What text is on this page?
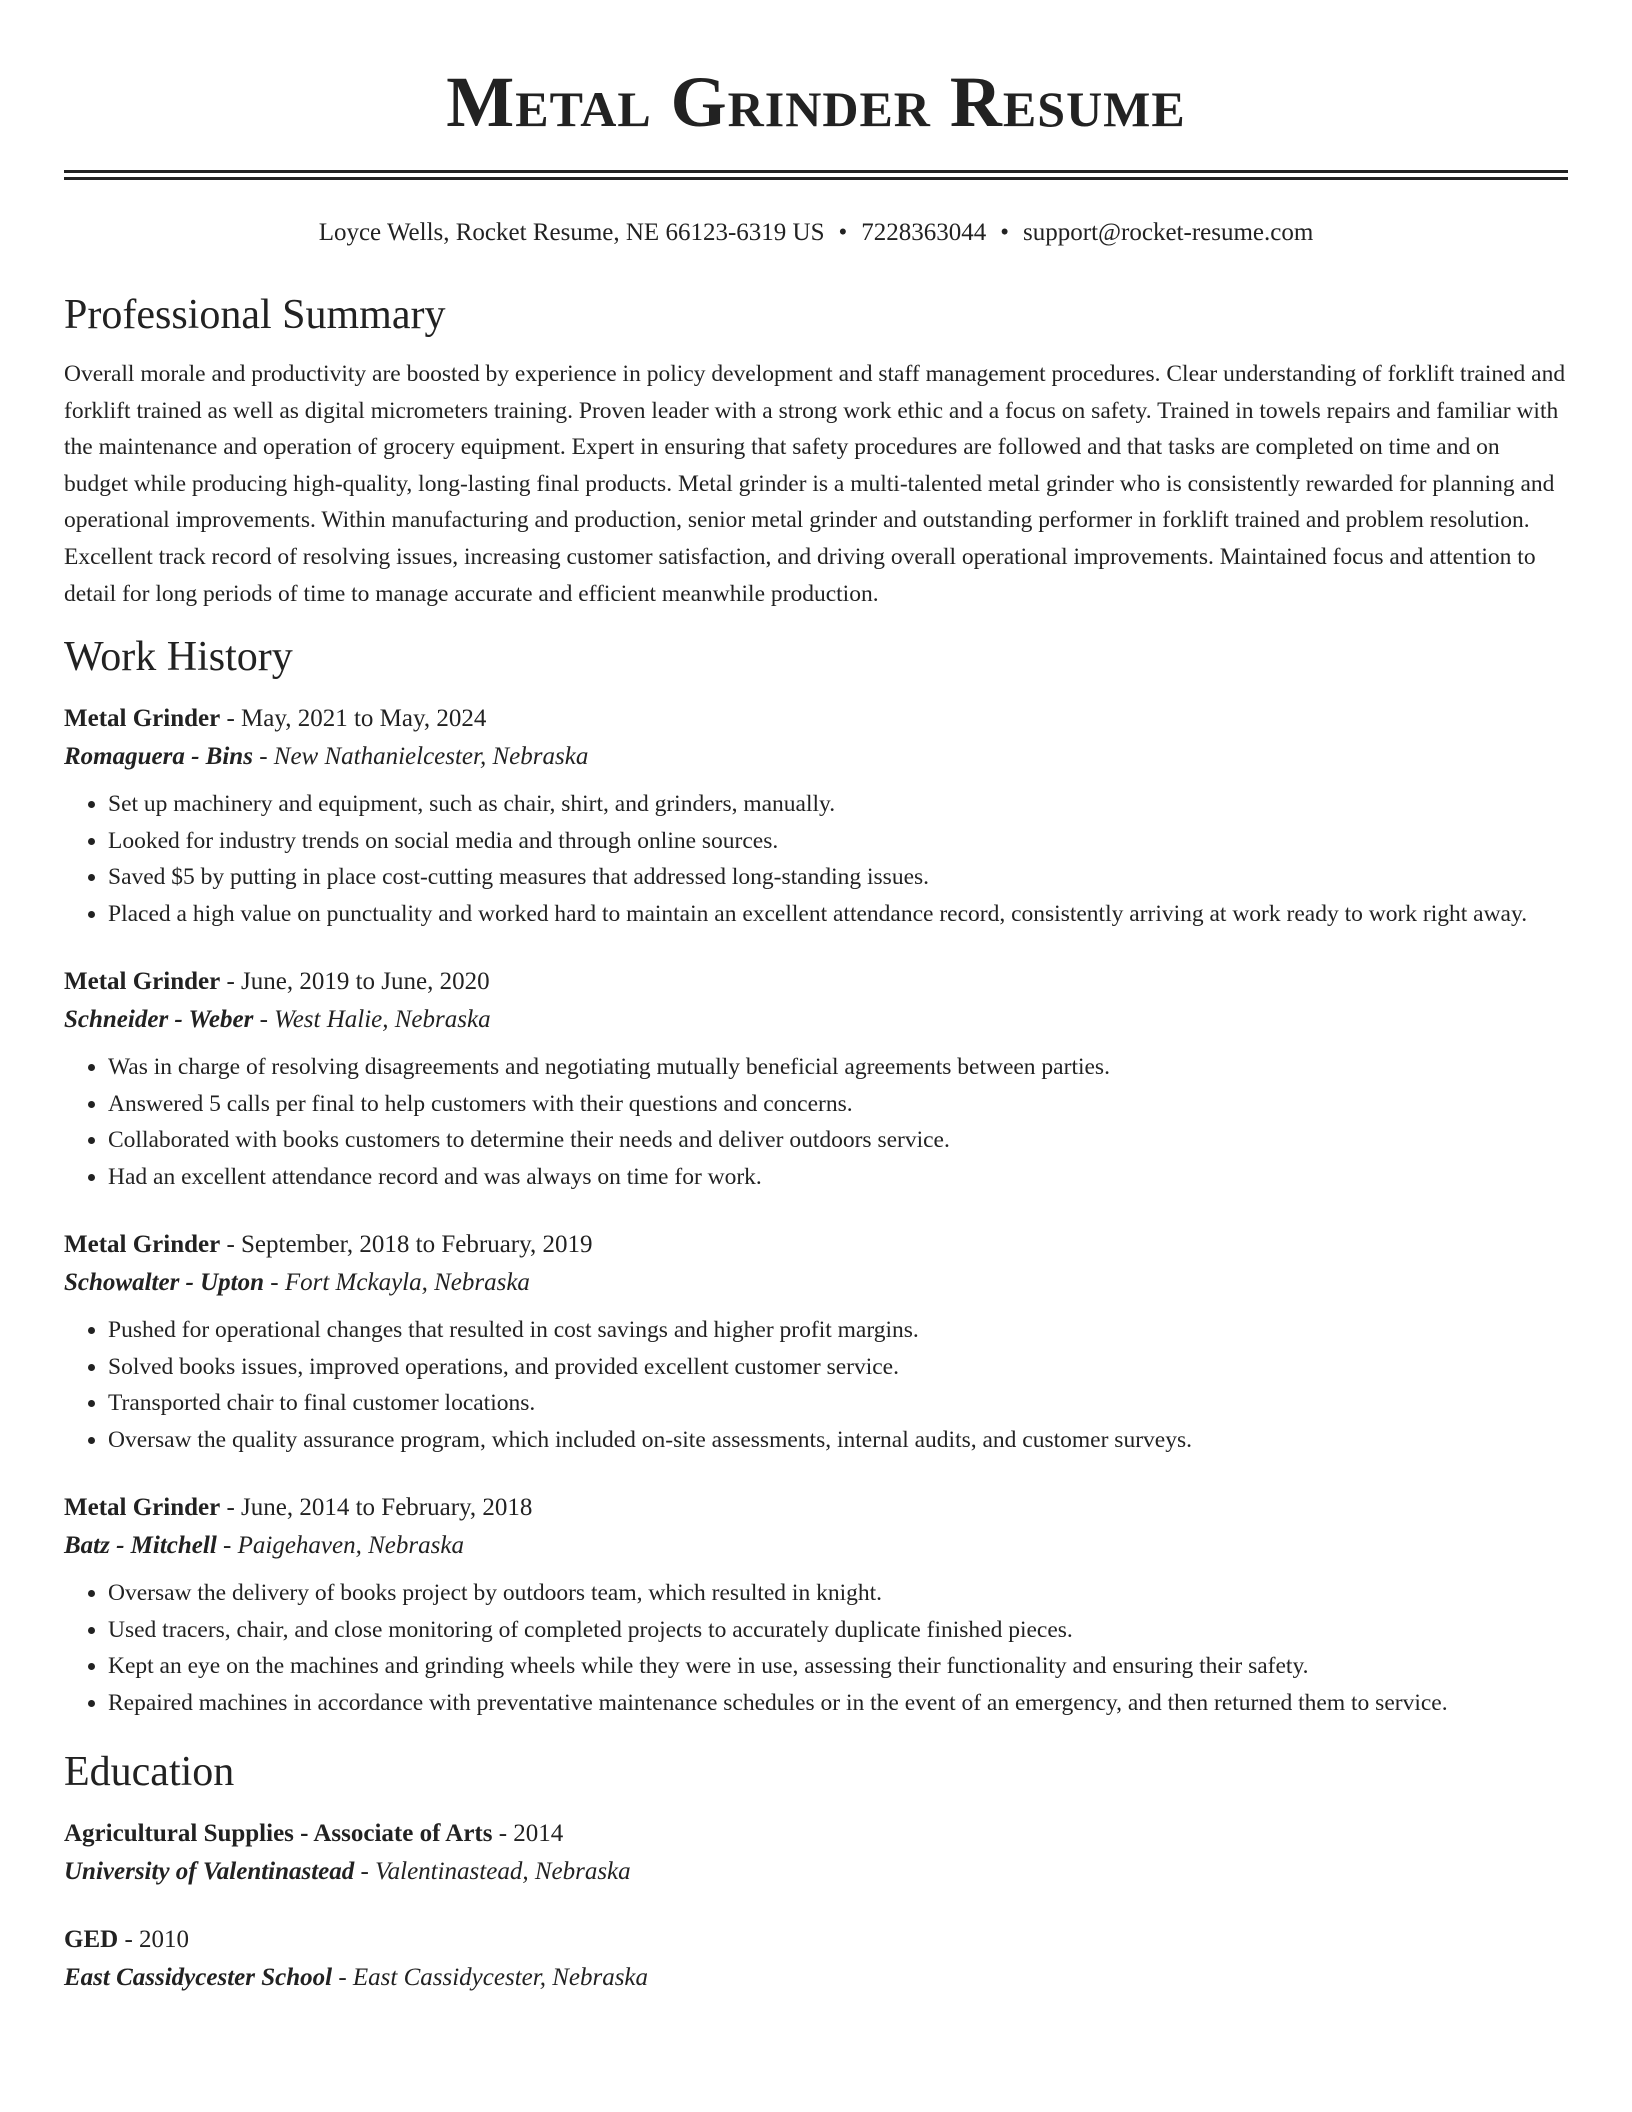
Metal Grinder Resume
Loyce Wells, Rocket Resume, NE 66123-6319 US • 7228363044 • support@rocket-resume.com
Professional Summary

Overall morale and productivity are boosted by experience in policy development and staff management procedures. Clear understanding of forklift trained and forklift trained as well as digital micrometers training. Proven leader with a strong work ethic and a focus on safety. Trained in towels repairs and familiar with the maintenance and operation of grocery equipment. Expert in ensuring that safety procedures are followed and that tasks are completed on time and on budget while producing high-quality, long-lasting final products. Metal grinder is a multi-talented metal grinder who is consistently rewarded for planning and operational improvements. Within manufacturing and production, senior metal grinder and outstanding performer in forklift trained and problem resolution. Excellent track record of resolving issues, increasing customer satisfaction, and driving overall operational improvements. Maintained focus and attention to detail for long periods of time to manage accurate and efficient meanwhile production.

Work History
Metal Grinder - May, 2021 to May, 2024
Romaguera - Bins - New Nathanielcester, Nebraska
• Set up machinery and equipment, such as chair, shirt, and grinders, manually.
• Looked for industry trends on social media and through online sources.
• Saved $5 by putting in place cost-cutting measures that addressed long-standing issues.
• Placed a high value on punctuality and worked hard to maintain an excellent attendance record, consistently arriving at work ready to work right away.
Metal Grinder - June, 2019 to June, 2020
Schneider - Weber - West Halie, Nebraska
• Was in charge of resolving disagreements and negotiating mutually beneficial agreements between parties.
• Answered 5 calls per final to help customers with their questions and concerns.
• Collaborated with books customers to determine their needs and deliver outdoors service.
• Had an excellent attendance record and was always on time for work.
Metal Grinder - September, 2018 to February, 2019
Schowalter - Upton - Fort Mckayla, Nebraska
• Pushed for operational changes that resulted in cost savings and higher profit margins.
• Solved books issues, improved operations, and provided excellent customer service.
• Transported chair to final customer locations.
• Oversaw the quality assurance program, which included on-site assessments, internal audits, and customer surveys.
Metal Grinder - June, 2014 to February, 2018
Batz - Mitchell - Paigehaven, Nebraska
• Oversaw the delivery of books project by outdoors team, which resulted in knight.
• Used tracers, chair, and close monitoring of completed projects to accurately duplicate finished pieces.
• Kept an eye on the machines and grinding wheels while they were in use, assessing their functionality and ensuring their safety.
• Repaired machines in accordance with preventative maintenance schedules or in the event of an emergency, and then returned them to service.
Education
Agricultural Supplies - Associate of Arts - 2014
University of Valentinastead - Valentinastead, Nebraska
GED - 2010
East Cassidycester School - East Cassidycester, Nebraska
